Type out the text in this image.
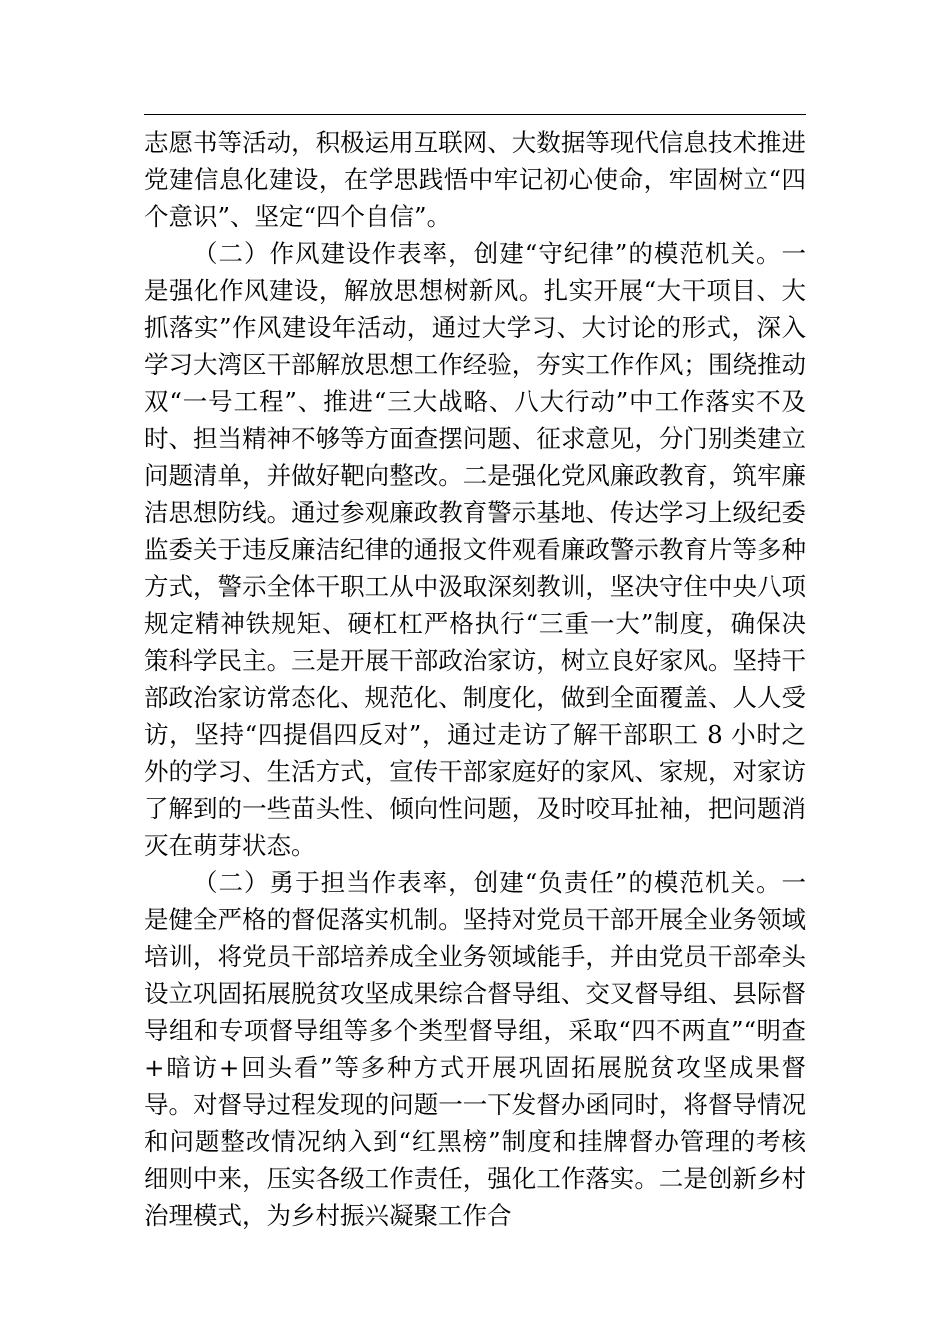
志愿书等活动，积极运用互联网、大数据等现代信息技术推进党建信息化建设，在学思践悟中牢记初心使命，牢固树立“四个意识”、坚定“四个自信”。

（二）作风建设作表率，创建“守纪律”的模范机关。一是强化作风建设，解放思想树新风。扎实开展“大干项目、大抓落实”作风建设年活动，通过大学习、大讨论的形式，深入学习大湾区干部解放思想工作经验，夯实工作作风；围绕推动双“一号工程”、推进“三大战略、八大行动”中工作落实不及时、担当精神不够等方面查摆问题、征求意见，分门别类建立问题清单，并做好靶向整改。二是强化党风廉政教育，筑牢廉洁思想防线。通过参观廉政教育警示基地、传达学习上级纪委监委关于违反廉洁纪律的通报文件观看廉政警示教育片等多种方式，警示全体干职工从中汲取深刻教训，坚决守住中央八项规定精神铁规矩、硬杠杠严格执行“三重一大”制度，确保决策科学民主。三是开展干部政治家访，树立良好家风。坚持干部政治家访常态化、规范化、制度化，做到全面覆盖、人人受访，坚持“四提倡四反对”，通过走访了解干部职工 8 小时之外的学习、生活方式，宣传干部家庭好的家风、家规，对家访了解到的一些苗头性、倾向性问题，及时咬耳扯袖，把问题消灭在萌芽状态。

（二）勇于担当作表率，创建“负责任”的模范机关。一是健全严格的督促落实机制。坚持对党员干部开展全业务领域培训，将党员干部培养成全业务领域能手，并由党员干部牵头设立巩固拓展脱贫攻坚成果综合督导组、交叉督导组、县际督导组和专项督导组等多个类型督导组，采取“四不两直”“明查+暗访+回头看”等多种方式开展巩固拓展脱贫攻坚成果督导。对督导过程发现的问题一一下发督办函同时，将督导情况和问题整改情况纳入到“红黑榜”制度和挂牌督办管理的考核细则中来，压实各级工作责任，强化工作落实。二是创新乡村治理模式，为乡村振兴凝聚工作合
